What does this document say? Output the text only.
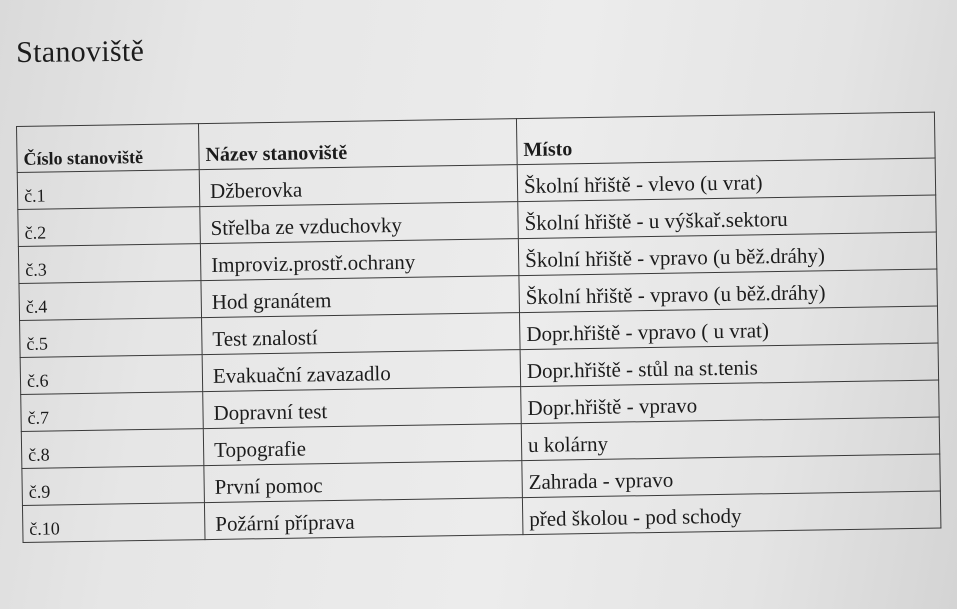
Stanoviště
Číslo stanoviště	Název stanoviště	Místo
č.1	Džberovka	Školní hřiště - vlevo (u vrat)
č.2	Střelba ze vzduchovky	Školní hřiště - u výškař.sektoru
č.3	Improviz.prostř.ochrany	Školní hřiště - vpravo (u běž.dráhy)
č.4	Hod granátem	Školní hřiště - vpravo (u běž.dráhy)
č.5	Test znalostí	Dopr.hřiště - vpravo ( u vrat)
č.6	Evakuační zavazadlo	Dopr.hřiště - stůl na st.tenis
č.7	Dopravní test	Dopr.hřiště - vpravo
č.8	Topografie	u kolárny
č.9	První pomoc	Zahrada - vpravo
č.10	Požární příprava	před školou - pod schody
